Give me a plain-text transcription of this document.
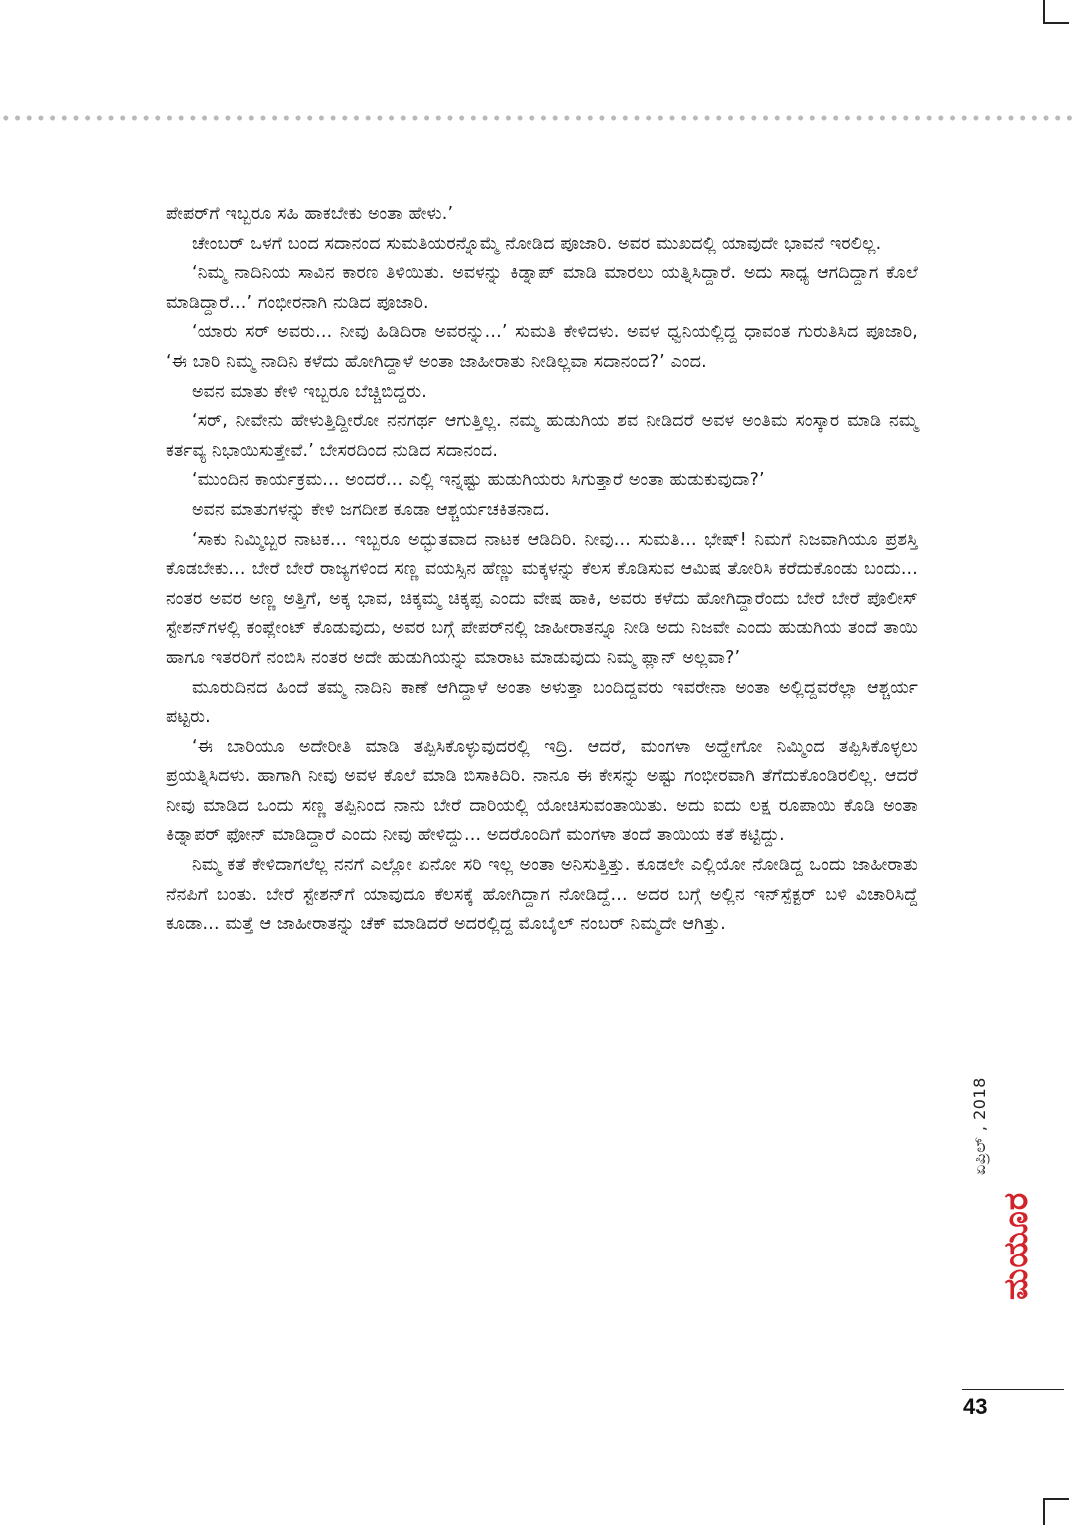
ಪೇಪರ್‌ಗೆ ಇಬ್ಬರೂ ಸಹಿ ಹಾಕಬೇಕು ಅಂತಾ ಹೇಳು.’

ಚೇಂಬರ್ ಒಳಗೆ ಬಂದ ಸದಾನಂದ ಸುಮತಿಯರನ್ನೊಮ್ಮೆ ನೋಡಿದ ಪೂಜಾರಿ. ಅವರ ಮುಖದಲ್ಲಿ ಯಾವುದೇ ಭಾವನೆ ಇರಲಿಲ್ಲ.

‘ನಿಮ್ಮ ನಾದಿನಿಯ ಸಾವಿನ ಕಾರಣ ತಿಳಿಯಿತು. ಅವಳನ್ನು ಕಿಡ್ನಾಪ್ ಮಾಡಿ ಮಾರಲು ಯತ್ನಿಸಿದ್ದಾರೆ. ಅದು ಸಾಧ್ಯ ಆಗದಿದ್ದಾಗ ಕೊಲೆ ಮಾಡಿದ್ದಾರೆ...’ ಗಂಭೀರನಾಗಿ ನುಡಿದ ಪೂಜಾರಿ.

‘ಯಾರು ಸರ್ ಅವರು... ನೀವು ಹಿಡಿದಿರಾ ಅವರನ್ನು...’ ಸುಮತಿ ಕೇಳಿದಳು. ಅವಳ ಧ್ವನಿಯಲ್ಲಿದ್ದ ಧಾವಂತ ಗುರುತಿಸಿದ ಪೂಜಾರಿ, ‘ಈ ಬಾರಿ ನಿಮ್ಮ ನಾದಿನಿ ಕಳೆದು ಹೋಗಿದ್ದಾಳೆ ಅಂತಾ ಜಾಹೀರಾತು ನೀಡಿಲ್ಲವಾ ಸದಾನಂದ?’ ಎಂದ.

ಅವನ ಮಾತು ಕೇಳಿ ಇಬ್ಬರೂ ಬೆಚ್ಚಿಬಿದ್ದರು.

‘ಸರ್, ನೀವೇನು ಹೇಳುತ್ತಿದ್ದೀರೋ ನನಗರ್ಥ ಆಗುತ್ತಿಲ್ಲ. ನಮ್ಮ ಹುಡುಗಿಯ ಶವ ನೀಡಿದರೆ ಅವಳ ಅಂತಿಮ ಸಂಸ್ಕಾರ ಮಾಡಿ ನಮ್ಮ ಕರ್ತವ್ಯ ನಿಭಾಯಿಸುತ್ತೇವೆ.’ ಬೇಸರದಿಂದ ನುಡಿದ ಸದಾನಂದ.

‘ಮುಂದಿನ ಕಾರ್ಯಕ್ರಮ... ಅಂದರೆ... ಎಲ್ಲಿ ಇನ್ನಷ್ಟು ಹುಡುಗಿಯರು ಸಿಗುತ್ತಾರೆ ಅಂತಾ ಹುಡುಕುವುದಾ?’

ಅವನ ಮಾತುಗಳನ್ನು ಕೇಳಿ ಜಗದೀಶ ಕೂಡಾ ಆಶ್ಚರ್ಯಚಕಿತನಾದ.

‘ಸಾಕು ನಿಮ್ಮಿಬ್ಬರ ನಾಟಕ... ಇಬ್ಬರೂ ಅದ್ಭುತವಾದ ನಾಟಕ ಆಡಿದಿರಿ. ನೀವು... ಸುಮತಿ... ಭೇಷ್! ನಿಮಗೆ ನಿಜವಾಗಿಯೂ ಪ್ರಶಸ್ತಿ ಕೊಡಬೇಕು... ಬೇರೆ ಬೇರೆ ರಾಜ್ಯಗಳಿಂದ ಸಣ್ಣ ವಯಸ್ಸಿನ ಹೆಣ್ಣು ಮಕ್ಕಳನ್ನು ಕೆಲಸ ಕೊಡಿಸುವ ಆಮಿಷ ತೋರಿಸಿ ಕರೆದುಕೊಂಡು ಬಂದು... ನಂತರ ಅವರ ಅಣ್ಣ ಅತ್ತಿಗೆ, ಅಕ್ಕ ಭಾವ, ಚಿಕ್ಕಮ್ಮ ಚಿಕ್ಕಪ್ಪ ಎಂದು ವೇಷ ಹಾಕಿ, ಅವರು ಕಳೆದು ಹೋಗಿದ್ದಾರೆಂದು ಬೇರೆ ಬೇರೆ ಪೊಲೀಸ್ ಸ್ಟೇಶನ್‌ಗಳಲ್ಲಿ ಕಂಪ್ಲೇಂಟ್ ಕೊಡುವುದು, ಅವರ ಬಗ್ಗೆ ಪೇಪರ್‌ನಲ್ಲಿ ಜಾಹೀರಾತನ್ನೂ ನೀಡಿ ಅದು ನಿಜವೇ ಎಂದು ಹುಡುಗಿಯ ತಂದೆ ತಾಯಿ ಹಾಗೂ ಇತರರಿಗೆ ನಂಬಿಸಿ ನಂತರ ಅದೇ ಹುಡುಗಿಯನ್ನು ಮಾರಾಟ ಮಾಡುವುದು ನಿಮ್ಮ ಪ್ಲಾನ್ ಅಲ್ಲವಾ?’

ಮೂರುದಿನದ ಹಿಂದೆ ತಮ್ಮ ನಾದಿನಿ ಕಾಣೆ ಆಗಿದ್ದಾಳೆ ಅಂತಾ ಅಳುತ್ತಾ ಬಂದಿದ್ದವರು ಇವರೇನಾ ಅಂತಾ ಅಲ್ಲಿದ್ದವರೆಲ್ಲಾ ಆಶ್ಚರ್ಯ ಪಟ್ಟರು.

‘ಈ ಬಾರಿಯೂ ಅದೇರೀತಿ ಮಾಡಿ ತಪ್ಪಿಸಿಕೊಳ್ಳುವುದರಲ್ಲಿ ಇದ್ರಿ. ಆದರೆ, ಮಂಗಳಾ ಅದ್ಹೇಗೋ ನಿಮ್ಮಿಂದ ತಪ್ಪಿಸಿಕೊಳ್ಳಲು ಪ್ರಯತ್ನಿಸಿದಳು. ಹಾಗಾಗಿ ನೀವು ಅವಳ ಕೊಲೆ ಮಾಡಿ ಬಿಸಾಕಿದಿರಿ. ನಾನೂ ಈ ಕೇಸನ್ನು ಅಷ್ಟು ಗಂಭೀರವಾಗಿ ತೆಗೆದುಕೊಂಡಿರಲಿಲ್ಲ. ಆದರೆ ನೀವು ಮಾಡಿದ ಒಂದು ಸಣ್ಣ ತಪ್ಪಿನಿಂದ ನಾನು ಬೇರೆ ದಾರಿಯಲ್ಲಿ ಯೋಚಿಸುವಂತಾಯಿತು. ಅದು ಐದು ಲಕ್ಷ ರೂಪಾಯಿ ಕೊಡಿ ಅಂತಾ ಕಿಡ್ನಾಪರ್ ಫೋನ್ ಮಾಡಿದ್ದಾರೆ ಎಂದು ನೀವು ಹೇಳಿದ್ದು... ಅದರೊಂದಿಗೆ ಮಂಗಳಾ ತಂದೆ ತಾಯಿಯ ಕತೆ ಕಟ್ಟಿದ್ದು.

ನಿಮ್ಮ ಕತೆ ಕೇಳಿದಾಗಲೆಲ್ಲ ನನಗೆ ಎಲ್ಲೋ ಏನೋ ಸರಿ ಇಲ್ಲ ಅಂತಾ ಅನಿಸುತ್ತಿತ್ತು. ಕೂಡಲೇ ಎಲ್ಲಿಯೋ ನೋಡಿದ್ದ ಒಂದು ಜಾಹೀರಾತು ನೆನಪಿಗೆ ಬಂತು. ಬೇರೆ ಸ್ಟೇಶನ್‌ಗೆ ಯಾವುದೂ ಕೆಲಸಕ್ಕೆ ಹೋಗಿದ್ದಾಗ ನೋಡಿದ್ದೆ... ಅದರ ಬಗ್ಗೆ ಅಲ್ಲಿನ ಇನ್‌ಸ್ಪೆಕ್ಟರ್ ಬಳಿ ವಿಚಾರಿಸಿದ್ದೆ ಕೂಡಾ... ಮತ್ತೆ ಆ ಜಾಹೀರಾತನ್ನು ಚೆಕ್ ಮಾಡಿದರೆ ಅದರಲ್ಲಿದ್ದ ಮೊಬೈಲ್ ನಂಬರ್ ನಿಮ್ಮದೇ ಆಗಿತ್ತು.

ಏಪ್ರಿಲ್ , 2018
ಮಯೂರ
43
